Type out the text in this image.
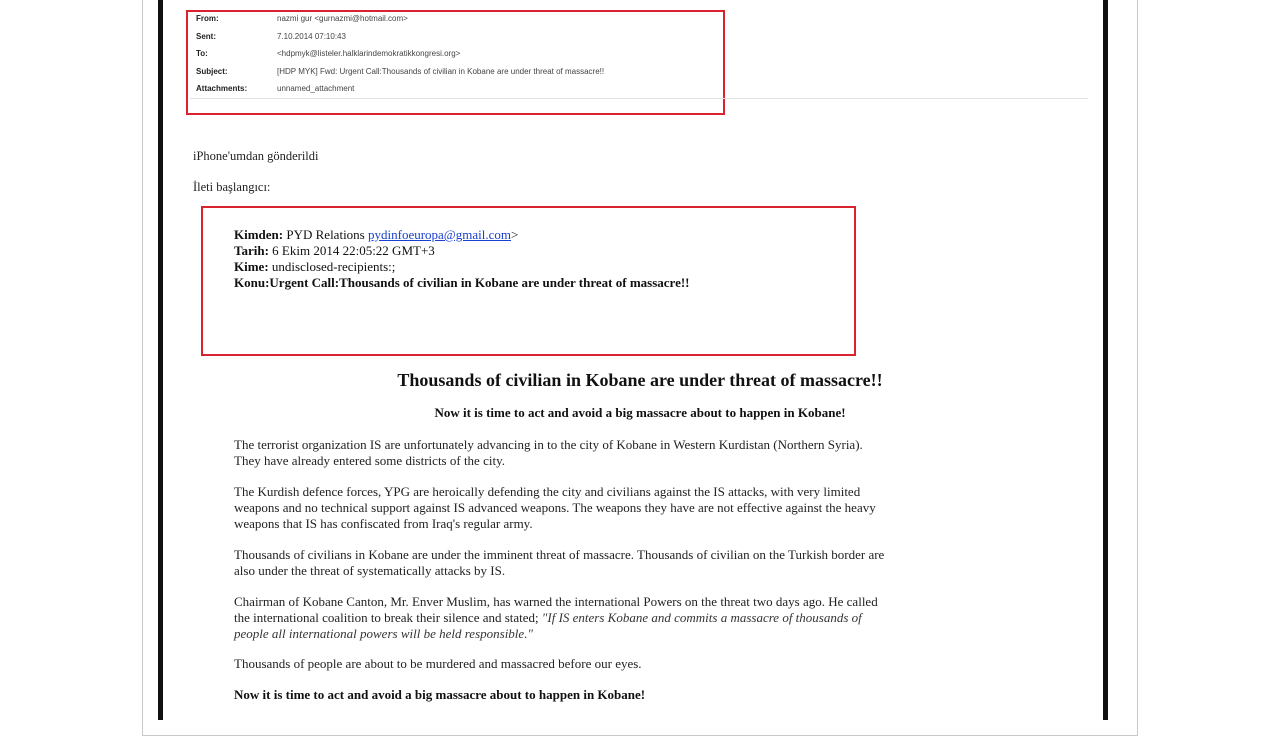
From:	nazmi gur <gurnazmi@hotmail.com>
Sent:	7.10.2014 07:10:43
To:	<hdpmyk@listeler.halklarindemokratikkongresi.org>
Subject:	[HDP MYK] Fwd: Urgent Call:Thousands of civilian in Kobane are under threat of massacre!!
Attachments:	unnamed_attachment
iPhone'umdan gönderildi
İleti başlangıcı:
Kimden: PYD Relations pydinfoeuropa@gmail.com>
Tarih: 6 Ekim 2014 22:05:22 GMT+3
Kime: undisclosed-recipients:;
Konu:Urgent Call:Thousands of civilian in Kobane are under threat of massacre!!
Thousands of civilian in Kobane are under threat of massacre!!
Now it is time to act and avoid a big massacre about to happen in Kobane!
The terrorist organization IS are unfortunately advancing in to the city of Kobane in Western Kurdistan (Northern Syria).
They have already entered some districts of the city.
The Kurdish defence forces, YPG are heroically defending the city and civilians against the IS attacks, with very limited
weapons and no technical support against IS advanced weapons. The weapons they have are not effective against the heavy
weapons that IS has confiscated from Iraq's regular army.
Thousands of civilians in Kobane are under the imminent threat of massacre. Thousands of civilian on the Turkish border are
also under the threat of systematically attacks by IS.
Chairman of Kobane Canton, Mr. Enver Muslim, has warned the international Powers on the threat two days ago. He called
the international coalition to break their silence and stated; "If IS enters Kobane and commits a massacre of thousands of
people all international powers will be held responsible."
Thousands of people are about to be murdered and massacred before our eyes.
Now it is time to act and avoid a big massacre about to happen in Kobane!
